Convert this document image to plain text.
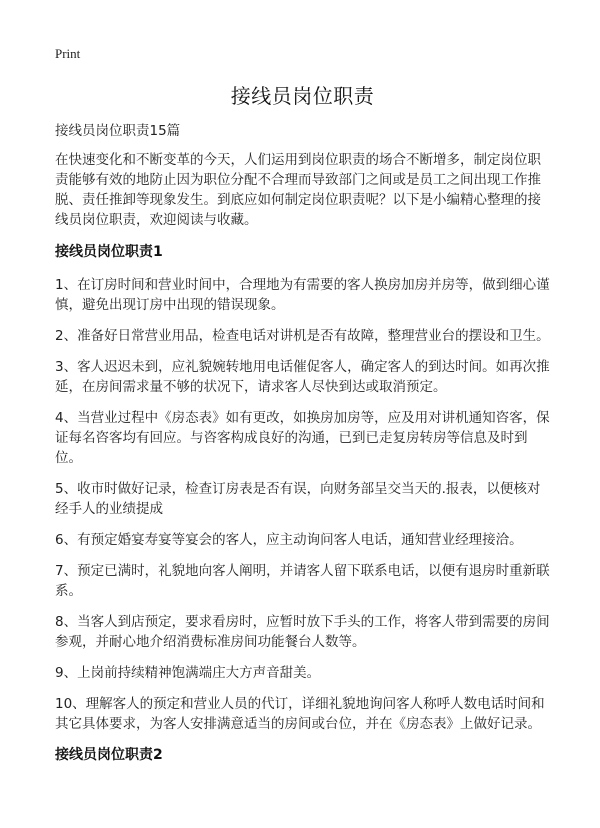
Print
接线员岗位职责
接线员岗位职责15篇

在快速变化和不断变革的今天，人们运用到岗位职责的场合不断增多，制定岗位职责能够有效的地防止因为职位分配不合理而导致部门之间或是员工之间出现工作推脱、责任推卸等现象发生。到底应如何制定岗位职责呢？以下是小编精心整理的接线员岗位职责，欢迎阅读与收藏。

接线员岗位职责1

1、在订房时间和营业时间中，合理地为有需要的客人换房加房并房等，做到细心谨慎，避免出现订房中出现的错误现象。

2、准备好日常营业用品，检查电话对讲机是否有故障，整理营业台的摆设和卫生。

3、客人迟迟未到，应礼貌婉转地用电话催促客人，确定客人的到达时间。如再次推延，在房间需求量不够的状况下，请求客人尽快到达或取消预定。

4、当营业过程中《房态表》如有更改，如换房加房等，应及用对讲机通知咨客，保证每名咨客均有回应。与咨客构成良好的沟通，已到已走复房转房等信息及时到位。

5、收市时做好记录，检查订房表是否有误，向财务部呈交当天的.报表，以便核对经手人的业绩提成

6、有预定婚宴寿宴等宴会的客人，应主动询问客人电话，通知营业经理接洽。

7、预定已满时，礼貌地向客人阐明，并请客人留下联系电话，以便有退房时重新联系。

8、当客人到店预定，要求看房时，应暂时放下手头的工作，将客人带到需要的房间参观，并耐心地介绍消费标准房间功能餐台人数等。

9、上岗前持续精神饱满端庄大方声音甜美。

10、理解客人的预定和营业人员的代订，详细礼貌地询问客人称呼人数电话时间和其它具体要求，为客人安排满意适当的房间或台位，并在《房态表》上做好记录。

接线员岗位职责2
